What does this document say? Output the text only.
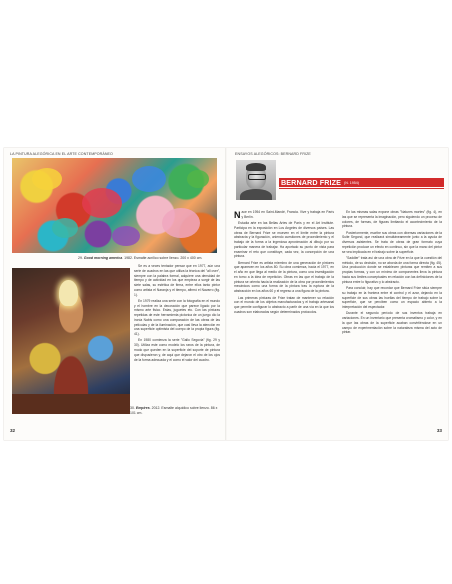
LA PINTURA ALEGÓRICA EN EL ARTE CONTEMPORÁNEO	ENSAYOS ALEGÓRICOS: BERNARD FRIZE
29. Good morning america. 1982. Esmalte acrílico sobre lienzo. 200 x 400 cm.
30. Empires. 2012. Esmalte alquídico sobre lienzo. 86 x 101 cm.

Se es a veces tentador pensar que en 1977, aún una serie de cuadros en las que utiliza la técnica del "all over", siempre con la palabra formal, adquiere una densidad de tiempo y de actividad en los que empieza a surgir de las siete salas, su estética de firma, entre ellos tanto pintor como artista el Naranja y el tiempo, afirmó el Navarro (fig. 1).

En 1979 realiza una serie con la fotografía en el mundo y el hombre en la decoración que parece ligado por la mismo arte fisico. Estas, juguetes etc. Con las pinturas repetidas de este herramienta pictorica de un juego dio la ironía Nabis como una comparación de las obras de las películas y de la iluminación, que casi lleva la atención en una superficie optimista del cuerpo de la propia figura (fig. 41).

En 1980 comienza la serie "Gallo Segovia" (fig. 29 y 30). Utiliza este como modelo los raros de la pintura, de modo que queden en la superficie del soporte de pintura que dispusieron y, de aquí que dejaron el otro de los ojos de la forma adecuada y el como el valor del cuadro.

32
BERNARD FRIZE (N. 1954)

Nace en 1954 en Saint-Mandé, Francia. Vive y trabaja en París y Berlín.

Estudia arte en las Bellas Artes de París y en el Art Institute. Participa en la exposición en Los Angeles de diversos países. Las obras de Bernard Frize se mueven en el límite entre la pintura abstracta y la figuración, uniendo cuestiones de procedimiento y el trabajo de la forma a la ingeniosa aproximación al dibujo por su particular manera de trabajar. Ha aportado su punto de vista para examinar el reto que constituye, cada vez, la concepción de una pintura.

Bernard Frize es artista miembro de una generación de pintores que aparecen en los años 80. Su obra comienza, hacia el 1977, en el año en que llega al medio de la pintura, como una investigación en torno a la idea de repetición. Obras en las que el trabajo de la pintura se orienta hacia la realización de la obra por procedimientos mecánicos como una forma de la pintura tras la ruptura de la abstracción en los años 60 y el regreso a una figura de la pintura.

Las primeras pinturas de Frize tratan de mantener su relación con el mundo de los objetos manufacturados y el trabajo artesanal que permite configurar lo abstracto a partir de una vía en la que los cuadros son elaborados según determinados protocolos.

En las mismas salas expone obras "Natures mortes" (fig. 4), en las que se representa la imaginación, pero siguiendo un proceso de colores, de formas, de figuras limitando el acontecimiento de la pintura.

Posteriormente, escribe sus obras con diversas variaciones de la Suite Segond, que realizará simultáneamente junto a la ayuda de diversos asistentes. Se trata de obras de gran formato cuya repetición produce un efecto en continuo, sin que la mano del pintor se vea implicada en el trabajo sobre la superficie.

"Saddler" trata así de una obra de Frize en la que la cuestión del método, de su decisión, no se aborda de una forma directa (fig. 45). Una producción donde se establecen pinturas que remiten a sus propias formas, y con un mínimo de componentes lleva la pintura hacia sus límites conceptuales en relación con las definiciones de la pintura entre lo figurativo y lo abstracto.

Para concluir, hay que recordar que Bernard Frize sitúa siempre su trabajo en la frontera entre el control y el azar, dejando en la superficie de sus obras las huellas del tiempo de trabajo sobre la superficie, que se perciben como un espacio abierto a la interpretación del espectador.

Durante el segundo período de sus inventos trabaja en variaciones. En un inventario que presenta cromatismo y color, y en la que las obras de la superficie acaban convirtiéndose en un campo de experimentación sobre la naturaleza misma del acto de pintar.

33
